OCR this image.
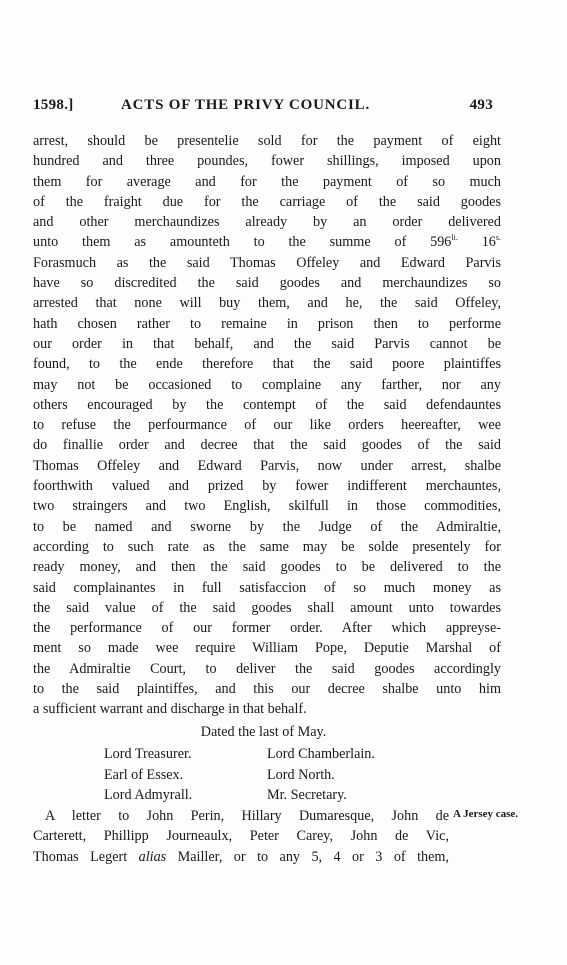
1598.]	ACTS OF THE PRIVY COUNCIL.	493
arrest, should be presentelie sold for the payment of eight
hundred and three poundes, fower shillings, imposed upon
them for average and for the payment of so much
of the fraight due for the carriage of the said goodes
and other merchaundizes already by an order delivered
unto them as amounteth to the summe of $596^{li.}$ $16^{s.}$
Forasmuch as the said Thomas Offeley and Edward Parvis
have so discredited the said goodes and merchaundizes so
arrested that none will buy them, and he, the said Offeley,
hath chosen rather to remaine in prison then to performe
our order in that behalf, and the said Parvis cannot be
found, to the ende therefore that the said poore plaintiffes
may not be occasioned to complaine any farther, nor any
others encouraged by the contempt of the said defendauntes
to refuse the perfourmance of our like orders heereafter, wee
do finallie order and decree that the said goodes of the said
Thomas Offeley and Edward Parvis, now under arrest, shalbe
foorthwith valued and prized by fower indifferent merchauntes,
two straingers and two English, skilfull in those commodities,
to be named and sworne by the Judge of the Admiraltie,
according to such rate as the same may be solde presentely for
ready money, and then the said goodes to be delivered to the
said complainantes in full satisfaccion of so much money as
the said value of the said goodes shall amount unto towardes
the performance of our former order. After which appreyse-
ment so made wee require William Pope, Deputie Marshal of
the Admiraltie Court, to deliver the said goodes accordingly
to the said plaintiffes, and this our decree shalbe unto him
a sufficient warrant and discharge in that behalf.
Dated the last of May.
Lord Treasurer.	Lord Chamberlain.
Earl of Essex.	Lord North.
Lord Admyrall.	Mr. Secretary.
A letter to John Perin, Hillary Dumaresque, John de
Carterett, Phillipp Journeaulx, Peter Carey, John de Vic,
Thomas Legert alias Mailler, or to any 5, 4 or 3 of them,
A Jersey case.
